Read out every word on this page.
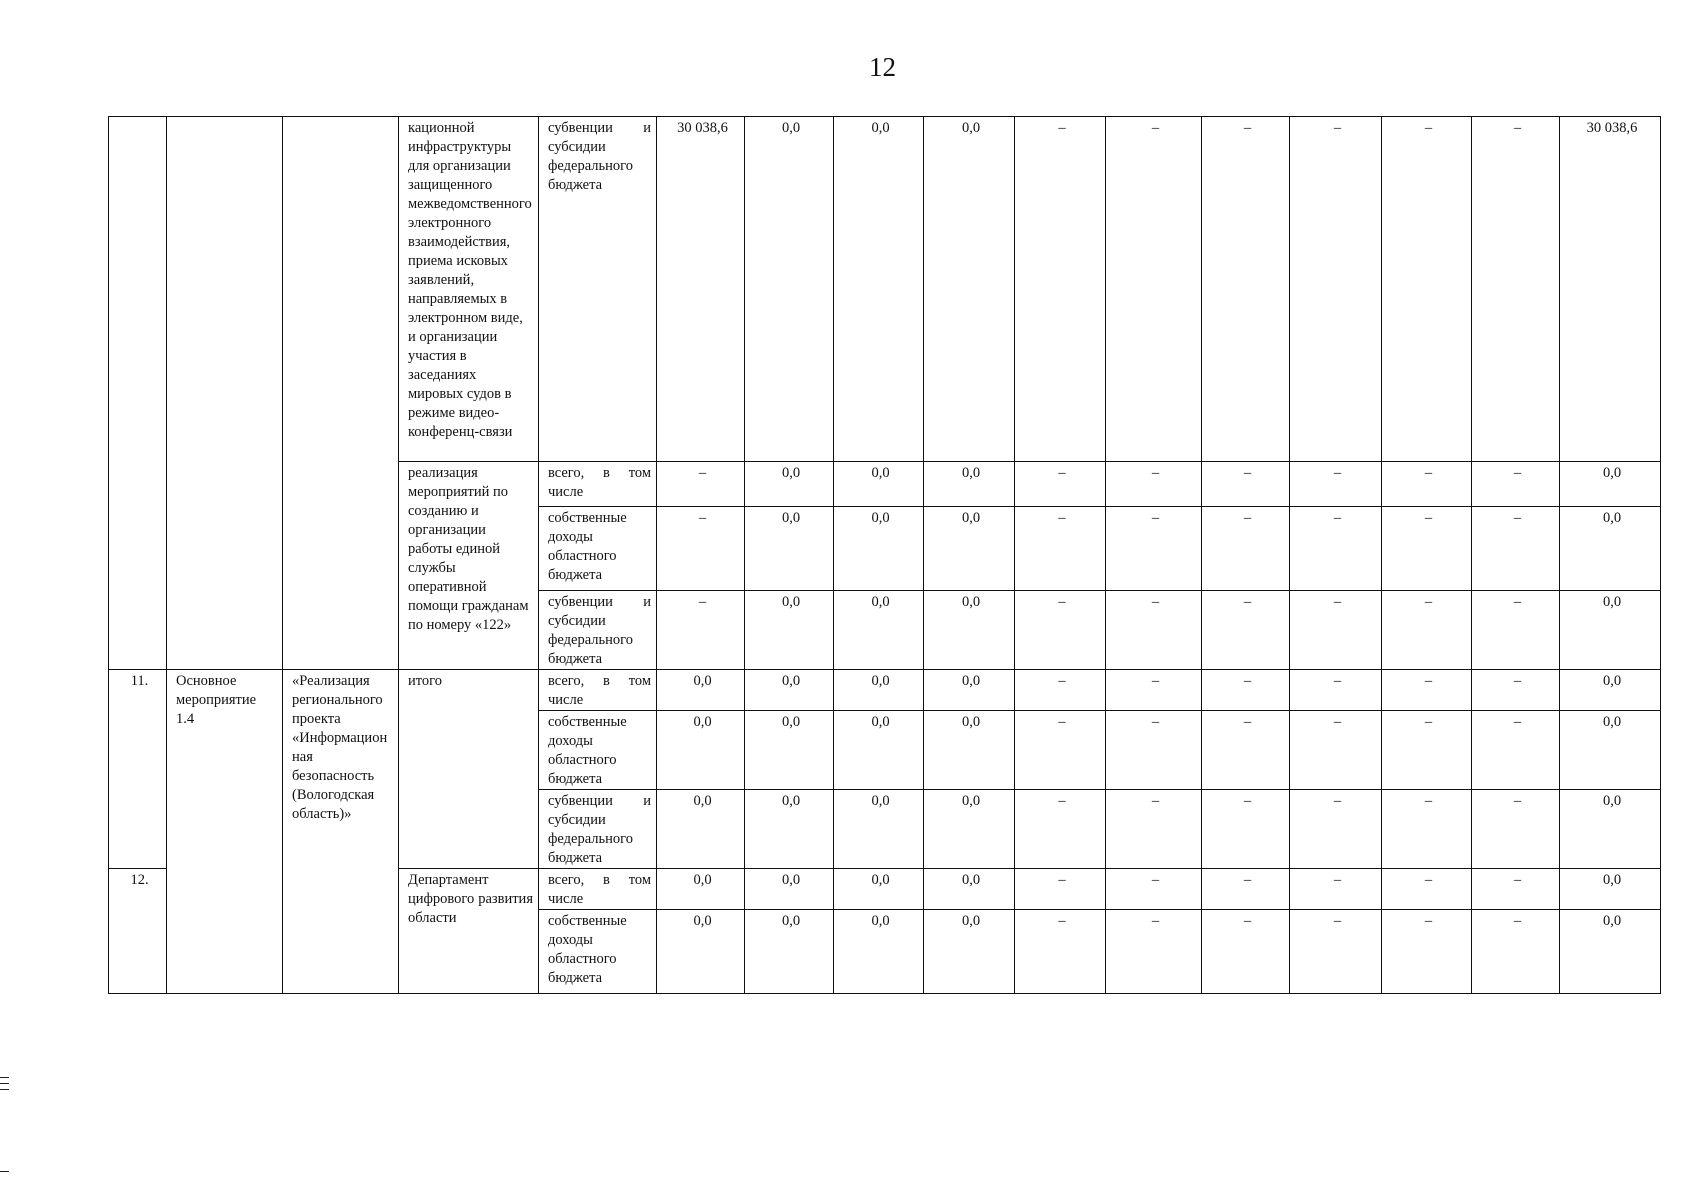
12
			кационной инфраструктуры для организации защищенного межведомственного электронного взаимодействия, приема исковых заявлений, направляемых в электронном виде, и организации участия в заседаниях мировых судов в режиме видео-конференц-связи	субвенции и субсидии федерального бюджета	30 038,6	0,0	0,0	0,0	–	–	–	–	–	–	30 038,6
			реализация мероприятий по созданию и организации работы единой службы оперативной помощи гражданам по номеру «122»	всего, в том числе	–	0,0	0,0	0,0	–	–	–	–	–	–	0,0
				собственные доходы областного бюджета	–	0,0	0,0	0,0	–	–	–	–	–	–	0,0
				субвенции и субсидии федерального бюджета	–	0,0	0,0	0,0	–	–	–	–	–	–	0,0
11.	Основное мероприятие 1.4	«Реализация регионального проекта «Информационная безопасность (Вологодская область)»	итого	всего, в том числе	0,0	0,0	0,0	0,0	–	–	–	–	–	–	0,0
				собственные доходы областного бюджета	0,0	0,0	0,0	0,0	–	–	–	–	–	–	0,0
				субвенции и субсидии федерального бюджета	0,0	0,0	0,0	0,0	–	–	–	–	–	–	0,0
12.			Департамент цифрового развития области	всего, в том числе	0,0	0,0	0,0	0,0	–	–	–	–	–	–	0,0
				собственные доходы областного бюджета	0,0	0,0	0,0	0,0	–	–	–	–	–	–	0,0
